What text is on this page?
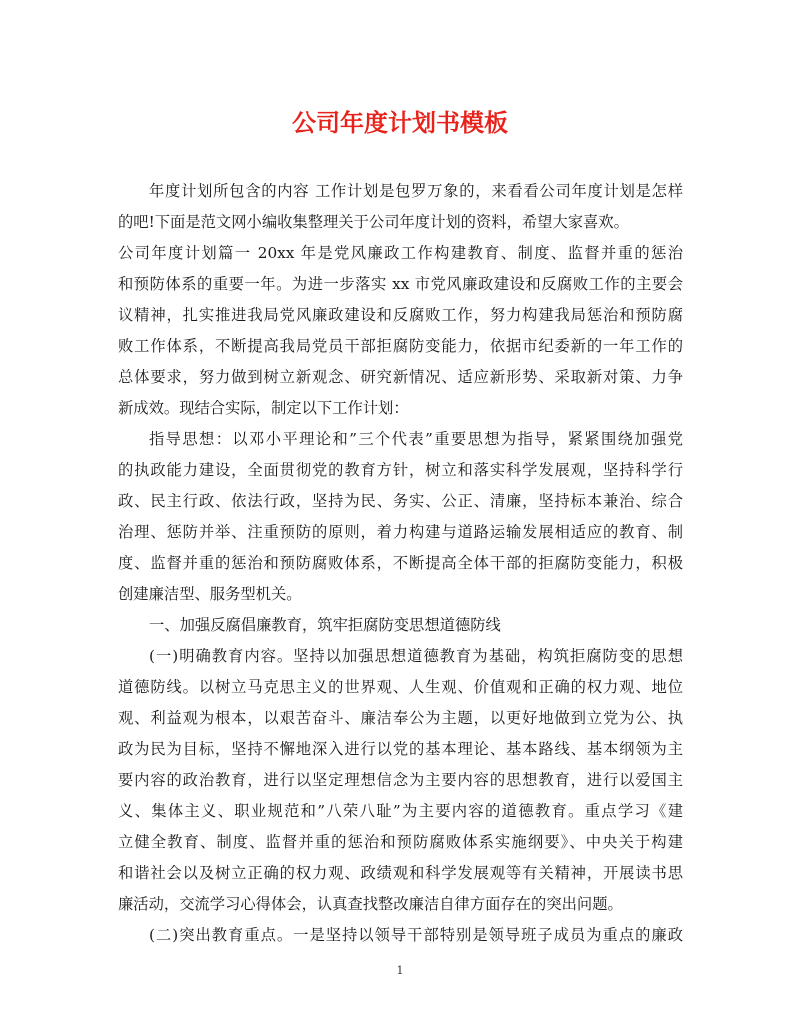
公司年度计划书模板
年度计划所包含的内容 工作计划是包罗万象的，来看看公司年度计划是怎样
的吧!下面是范文网小编收集整理关于公司年度计划的资料，希望大家喜欢。
公司年度计划篇一 20xx 年是党风廉政工作构建教育、制度、监督并重的惩治
和预防体系的重要一年。为进一步落实 xx 市党风廉政建设和反腐败工作的主要会
议精神，扎实推进我局党风廉政建设和反腐败工作，努力构建我局惩治和预防腐
败工作体系，不断提高我局党员干部拒腐防变能力，依据市纪委新的一年工作的
总体要求，努力做到树立新观念、研究新情况、适应新形势、采取新对策、力争
新成效。现结合实际，制定以下工作计划：
指导思想：以邓小平理论和”三个代表”重要思想为指导，紧紧围绕加强党
的执政能力建设，全面贯彻党的教育方针，树立和落实科学发展观，坚持科学行
政、民主行政、依法行政，坚持为民、务实、公正、清廉，坚持标本兼治、综合
治理、惩防并举、注重预防的原则，着力构建与道路运输发展相适应的教育、制
度、监督并重的惩治和预防腐败体系，不断提高全体干部的拒腐防变能力，积极
创建廉洁型、服务型机关。
一、加强反腐倡廉教育，筑牢拒腐防变思想道德防线
(一)明确教育内容。坚持以加强思想道德教育为基础，构筑拒腐防变的思想
道德防线。以树立马克思主义的世界观、人生观、价值观和正确的权力观、地位
观、利益观为根本，以艰苦奋斗、廉洁奉公为主题，以更好地做到立党为公、执
政为民为目标，坚持不懈地深入进行以党的基本理论、基本路线、基本纲领为主
要内容的政治教育，进行以坚定理想信念为主要内容的思想教育，进行以爱国主
义、集体主义、职业规范和”八荣八耻”为主要内容的道德教育。重点学习《建
立健全教育、制度、监督并重的惩治和预防腐败体系实施纲要》、中央关于构建
和谐社会以及树立正确的权力观、政绩观和科学发展观等有关精神，开展读书思
廉活动，交流学习心得体会，认真查找整改廉洁自律方面存在的突出问题。
(二)突出教育重点。一是坚持以领导干部特别是领导班子成员为重点的廉政
1
